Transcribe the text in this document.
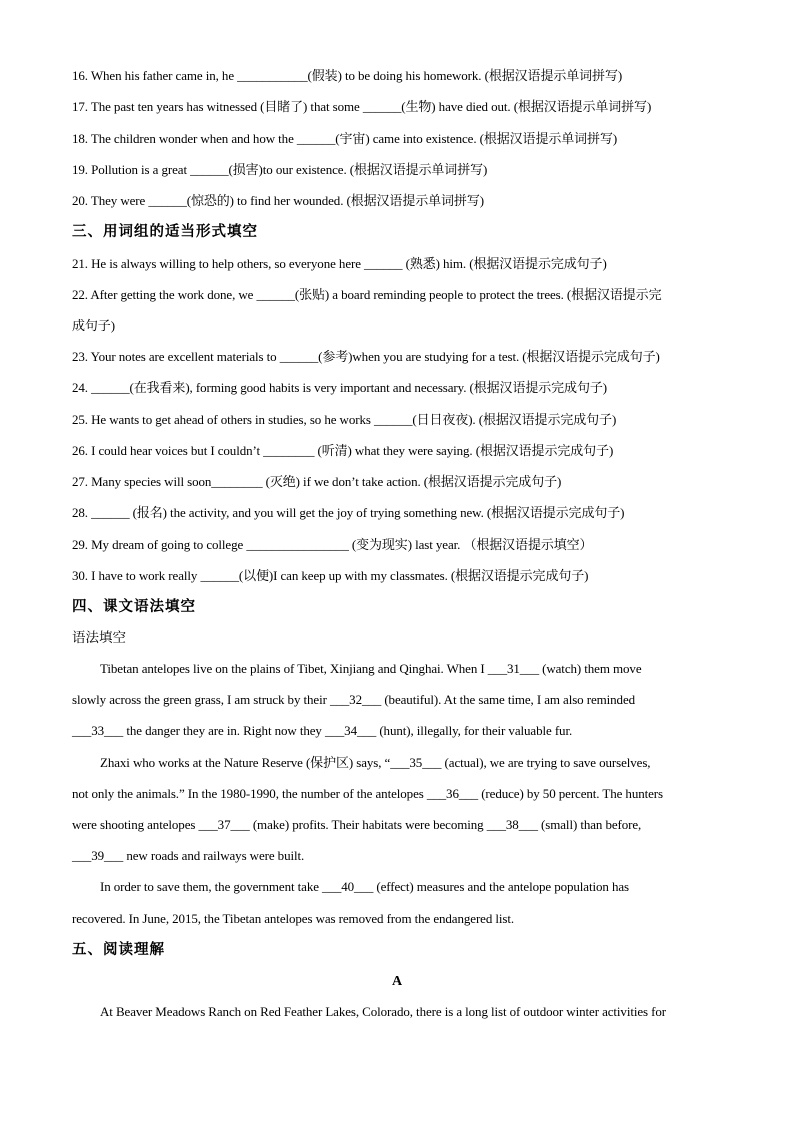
16. When his father came in, he ___________(假装) to be doing his homework. (根据汉语提示单词拼写)
17. The past ten years has witnessed (目睹了) that some ______(生物) have died out. (根据汉语提示单词拼写)
18. The children wonder when and how the ______(宇宙) came into existence. (根据汉语提示单词拼写)
19. Pollution is a great ______(损害)to our existence. (根据汉语提示单词拼写)
20. They were ______(惊恐的) to find her wounded. (根据汉语提示单词拼写)
三、用词组的适当形式填空
21. He is always willing to help others, so everyone here ______ (熟悉) him. (根据汉语提示完成句子)
22. After getting the work done, we ______(张贴) a board reminding people to protect the trees. (根据汉语提示完
成句子)
23. Your notes are excellent materials to ______(参考)when you are studying for a test. (根据汉语提示完成句子)
24. ______(在我看来), forming good habits is very important and necessary. (根据汉语提示完成句子)
25. He wants to get ahead of others in studies, so he works ______(日日夜夜). (根据汉语提示完成句子)
26. I could hear voices but I couldn’t ________ (听清) what they were saying. (根据汉语提示完成句子)
27. Many species will soon________ (灭绝) if we don’t take action. (根据汉语提示完成句子)
28. ______ (报名) the activity, and you will get the joy of trying something new. (根据汉语提示完成句子)
29. My dream of going to college ________________ (变为现实) last year. （根据汉语提示填空）
30. I have to work really ______(以便)I can keep up with my classmates. (根据汉语提示完成句子)
四、课文语法填空
语法填空
Tibetan antelopes live on the plains of Tibet, Xinjiang and Qinghai. When I ___31___ (watch) them move
slowly across the green grass, I am struck by their ___32___ (beautiful). At the same time, I am also reminded
___33___ the danger they are in. Right now they ___34___ (hunt), illegally, for their valuable fur.
Zhaxi who works at the Nature Reserve (保护区) says, “___35___ (actual), we are trying to save ourselves,
not only the animals.” In the 1980-1990, the number of the antelopes ___36___ (reduce) by 50 percent. The hunters
were shooting antelopes ___37___ (make) profits. Their habitats were becoming ___38___ (small) than before,
___39___ new roads and railways were built.
In order to save them, the government take ___40___ (effect) measures and the antelope population has
recovered. In June, 2015, the Tibetan antelopes was removed from the endangered list.
五、阅读理解
A
At Beaver Meadows Ranch on Red Feather Lakes, Colorado, there is a long list of outdoor winter activities for
